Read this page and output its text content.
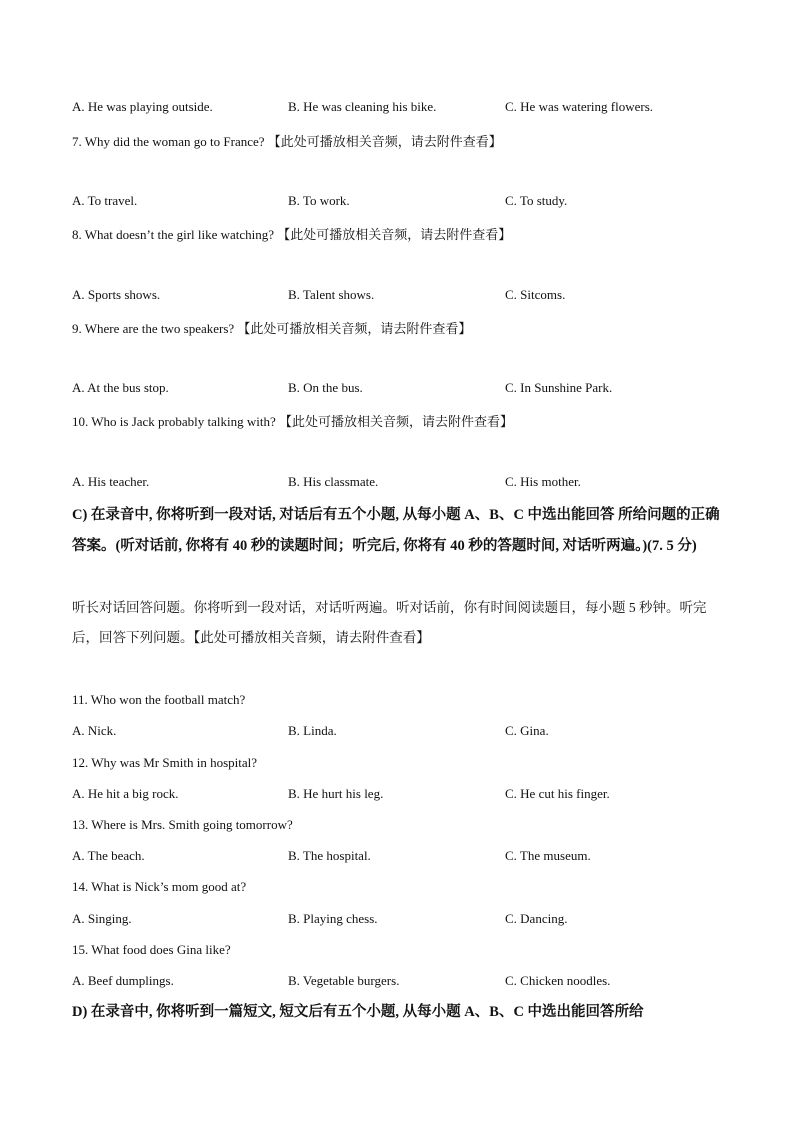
A. He was playing outside.	B. He was cleaning his bike.	C. He was watering flowers.
7. Why did the woman go to France? 【此处可播放相关音频，请去附件查看】
A. To travel.	B. To work.	C. To study.
8. What doesn’t the girl like watching? 【此处可播放相关音频，请去附件查看】
A. Sports shows.	B. Talent shows.	C. Sitcoms.
9. Where are the two speakers? 【此处可播放相关音频，请去附件查看】
A. At the bus stop.	B. On the bus.	C. In Sunshine Park.
10. Who is Jack probably talking with? 【此处可播放相关音频，请去附件查看】
A. His teacher.	B. His classmate.	C. His mother.
C) 在录音中, 你将听到一段对话, 对话后有五个小题, 从每小题 A、B、C 中选出能回答 所给问题的正确答案。(听对话前, 你将有 40 秒的读题时间；听完后, 你将有 40 秒的答题时间, 对话听两遍。)(7. 5 分)
听长对话回答问题。你将听到一段对话，对话听两遍。听对话前，你有时间阅读题目，每小题 5 秒钟。听完后，回答下列问题。【此处可播放相关音频，请去附件查看】
11. Who won the football match?
A. Nick.	B. Linda.	C. Gina.
12. Why was Mr Smith in hospital?
A. He hit a big rock.	B. He hurt his leg.	C. He cut his finger.
13. Where is Mrs. Smith going tomorrow?
A. The beach.	B. The hospital.	C. The museum.
14. What is Nick’s mom good at?
A. Singing.	B. Playing chess.	C. Dancing.
15. What food does Gina like?
A. Beef dumplings.	B. Vegetable burgers.	C. Chicken noodles.
D) 在录音中, 你将听到一篇短文, 短文后有五个小题, 从每小题 A、B、C 中选出能回答所给
